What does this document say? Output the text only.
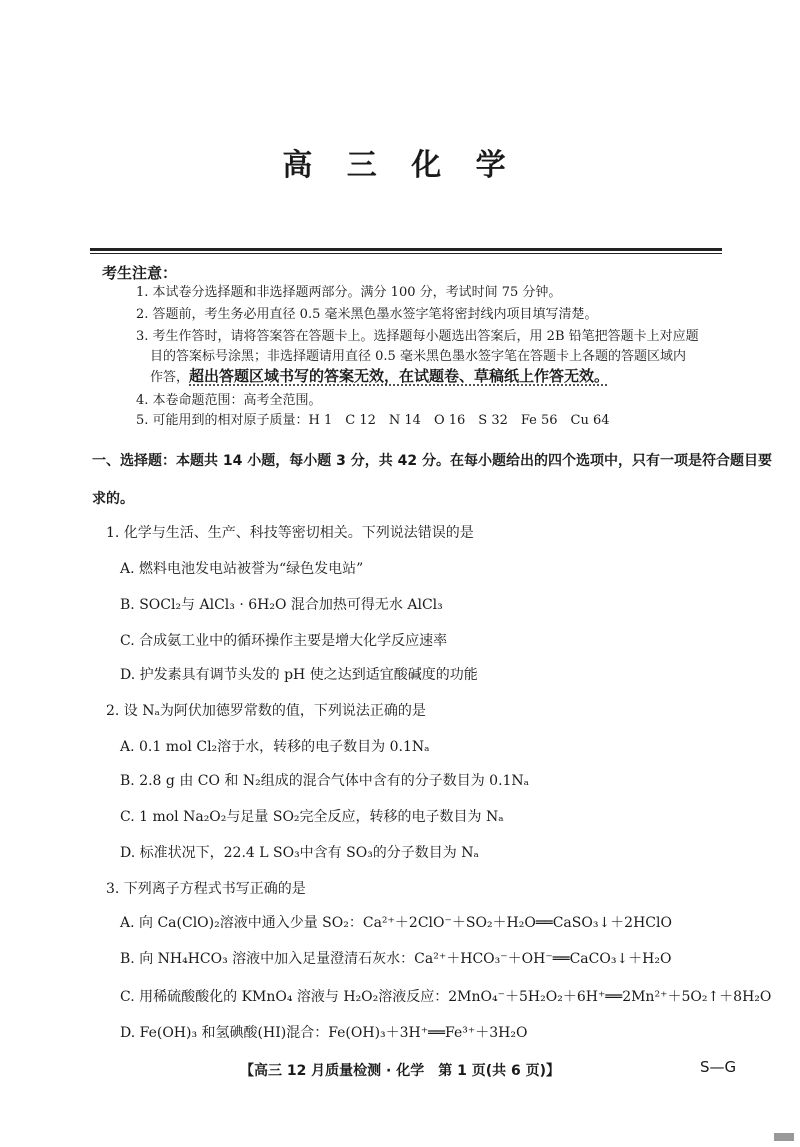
高 三 化 学
考生注意：
1. 本试卷分选择题和非选择题两部分。满分 100 分，考试时间 75 分钟。
2. 答题前，考生务必用直径 0.5 毫米黑色墨水签字笔将密封线内项目填写清楚。
3. 考生作答时，请将答案答在答题卡上。选择题每小题选出答案后，用 2B 铅笔把答题卡上对应题
目的答案标号涂黑；非选择题请用直径 0.5 毫米黑色墨水签字笔在答题卡上各题的答题区域内
作答，超出答题区域书写的答案无效，在试题卷、草稿纸上作答无效。
4. 本卷命题范围：高考全范围。
5. 可能用到的相对原子质量：H 1　C 12　N 14　O 16　S 32　Fe 56　Cu 64
一、选择题：本题共 14 小题，每小题 3 分，共 42 分。在每小题给出的四个选项中，只有一项是符合题目要
求的。
1. 化学与生活、生产、科技等密切相关。下列说法错误的是
A. 燃料电池发电站被誉为“绿色发电站”
B. SOCl₂与 AlCl₃ · 6H₂O 混合加热可得无水 AlCl₃
C. 合成氨工业中的循环操作主要是增大化学反应速率
D. 护发素具有调节头发的 pH 使之达到适宜酸碱度的功能
2. 设 Nₐ为阿伏加德罗常数的值，下列说法正确的是
A. 0.1 mol Cl₂溶于水，转移的电子数目为 0.1Nₐ
B. 2.8 g 由 CO 和 N₂组成的混合气体中含有的分子数目为 0.1Nₐ
C. 1 mol Na₂O₂与足量 SO₂完全反应，转移的电子数目为 Nₐ
D. 标准状况下，22.4 L SO₃中含有 SO₃的分子数目为 Nₐ
3. 下列离子方程式书写正确的是
A. 向 Ca(ClO)₂溶液中通入少量 SO₂：Ca²⁺＋2ClO⁻＋SO₂＋H₂O══CaSO₃↓＋2HClO
B. 向 NH₄HCO₃ 溶液中加入足量澄清石灰水：Ca²⁺＋HCO₃⁻＋OH⁻══CaCO₃↓＋H₂O
C. 用稀硫酸酸化的 KMnO₄ 溶液与 H₂O₂溶液反应：2MnO₄⁻＋5H₂O₂＋6H⁺══2Mn²⁺＋5O₂↑＋8H₂O
D. Fe(OH)₃ 和氢碘酸(HI)混合：Fe(OH)₃＋3H⁺══Fe³⁺＋3H₂O
【高三 12 月质量检测 · 化学　第 1 页(共 6 页)】	S—G
